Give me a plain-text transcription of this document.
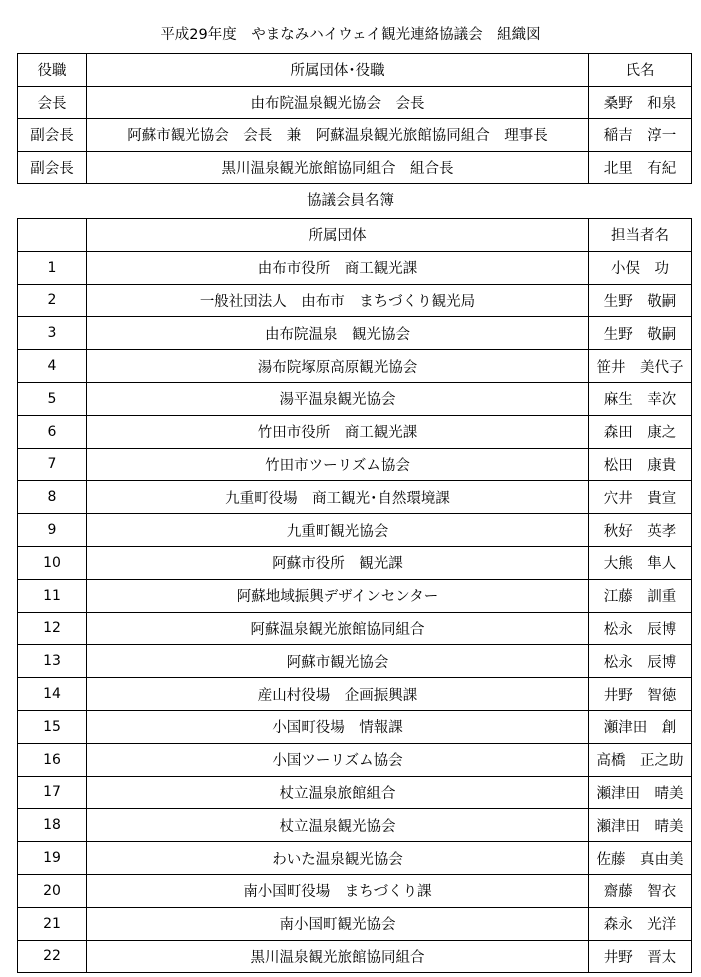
平成29年度　やまなみハイウェイ観光連絡協議会　組織図
役職	所属団体･役職	氏名
会長	由布院温泉観光協会　会長	桑野　和泉
副会長	阿蘇市観光協会　会長　兼　阿蘇温泉観光旅館協同組合　理事長	稲吉　淳一
副会長	黒川温泉観光旅館協同組合　組合長	北里　有紀
協議会員名簿
	所属団体	担当者名
1	由布市役所　商工観光課	小俣　功
2	一般社団法人　由布市　まちづくり観光局	生野　敬嗣
3	由布院温泉　観光協会	生野　敬嗣
4	湯布院塚原高原観光協会	笹井　美代子
5	湯平温泉観光協会	麻生　幸次
6	竹田市役所　商工観光課	森田　康之
7	竹田市ツーリズム協会	松田　康貴
8	九重町役場　商工観光･自然環境課	穴井　貴宣
9	九重町観光協会	秋好　英孝
10	阿蘇市役所　観光課	大熊　隼人
11	阿蘇地域振興デザインセンター	江藤　訓重
12	阿蘇温泉観光旅館協同組合	松永　辰博
13	阿蘇市観光協会	松永　辰博
14	産山村役場　企画振興課	井野　智徳
15	小国町役場　情報課	瀬津田　創
16	小国ツーリズム協会	高橋　正之助
17	杖立温泉旅館組合	瀬津田　晴美
18	杖立温泉観光協会	瀬津田　晴美
19	わいた温泉観光協会	佐藤　真由美
20	南小国町役場　まちづくり課	齋藤　智衣
21	南小国町観光協会	森永　光洋
22	黒川温泉観光旅館協同組合	井野　晋太
